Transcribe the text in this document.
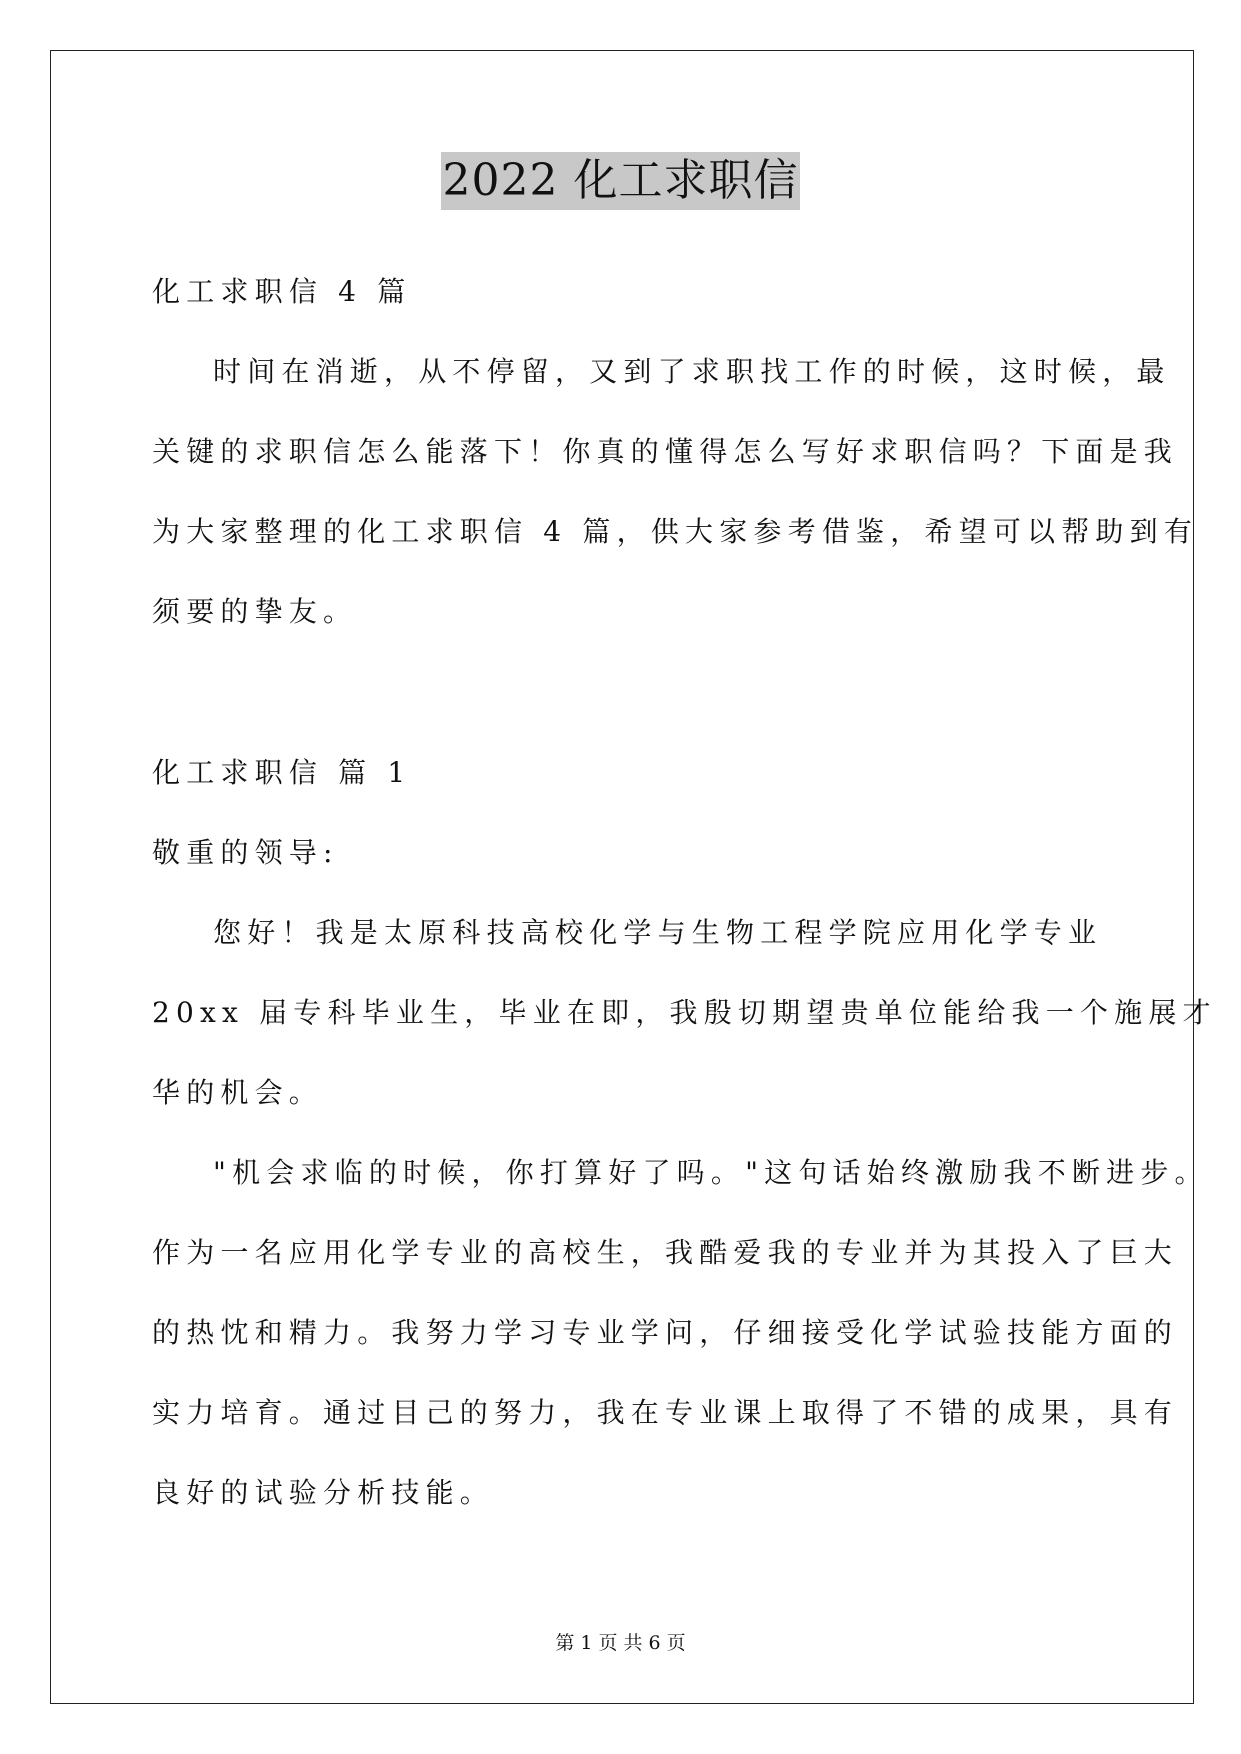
2022 化工求职信
化工求职信 4 篇
时间在消逝，从不停留，又到了求职找工作的时候，这时候，最
关键的求职信怎么能落下！你真的懂得怎么写好求职信吗？下面是我
为大家整理的化工求职信 4 篇，供大家参考借鉴，希望可以帮助到有
须要的挚友。
化工求职信 篇 1
敬重的领导:
您好！我是太原科技高校化学与生物工程学院应用化学专业
20xx 届专科毕业生，毕业在即，我殷切期望贵单位能给我一个施展才
华的机会。
"机会求临的时候，你打算好了吗。"这句话始终激励我不断进步。
作为一名应用化学专业的高校生，我酷爱我的专业并为其投入了巨大
的热忱和精力。我努力学习专业学问，仔细接受化学试验技能方面的
实力培育。通过目己的努力，我在专业课上取得了不错的成果，具有
良好的试验分析技能。
第 1 页 共 6 页
